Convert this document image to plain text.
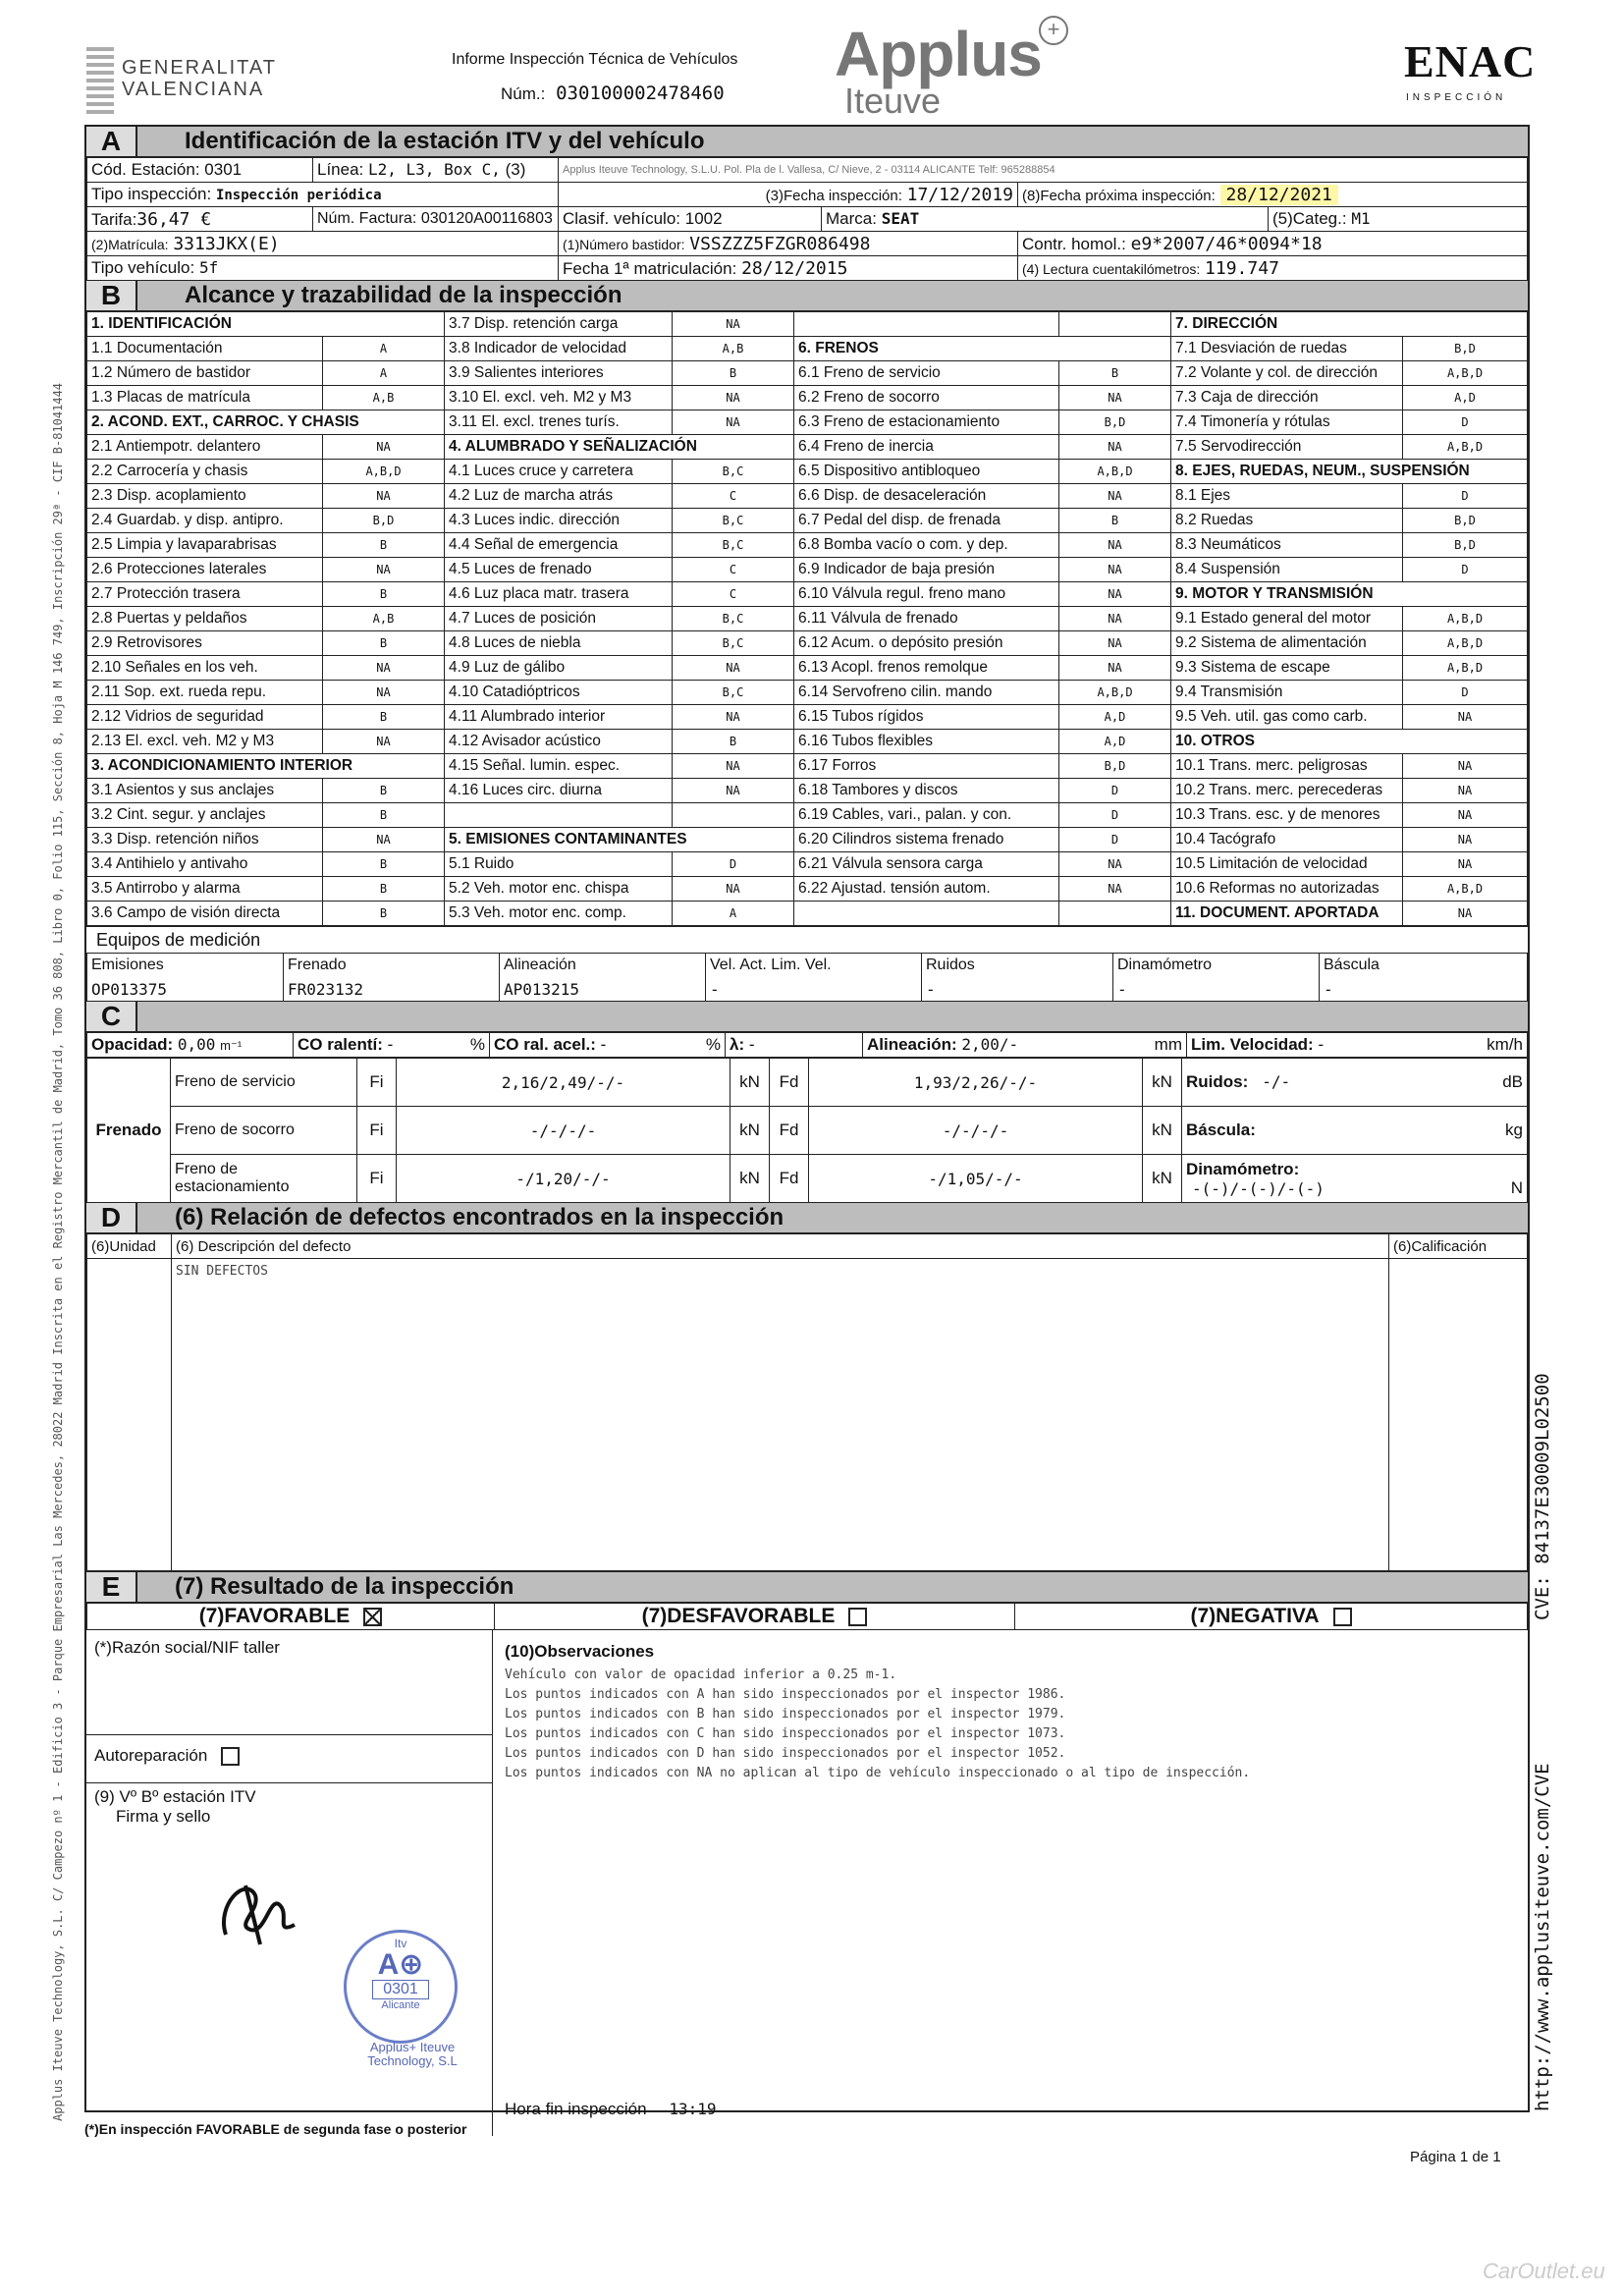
GENERALITAT VALENCIANA
Informe Inspección Técnica de Vehículos
Núm.: 030100002478460
Applus +
Iteuve
ENAC
INSPECCIÓN
A	Identificación de la estación ITV y del vehículo
Cód. Estación: 0301	Línea: L2, L3, Box C, (3)	Applus Iteuve Technology, S.L.U. Pol. Pla de l. Vallesa, C/ Nieve, 2 - 03114 ALICANTE Telf: 965288854			
Tipo inspección: Inspección periódica		(3)Fecha inspección: 17/12/2019		(8)Fecha próxima inspección: 28/12/2021	
Tarifa:36,47 €	Núm. Factura: 030120A00116803	Clasif. vehículo: 1002	Marca: SEAT		(5)Categ.: M1
(2)Matrícula: 3313JKX(E)		(1)Número bastidor: VSSZZZ5FZGR086498		Contr. homol.: e9*2007/46*0094*18	
Tipo vehículo: 5f		Fecha 1ª matriculación: 28/12/2015		(4) Lectura cuentakilómetros: 119.747	
B	Alcance y trazabilidad de la inspección
1. IDENTIFICACIÓN		3.7 Disp. retención carga	NA			7. DIRECCIÓN	
1.1 Documentación	A	3.8 Indicador de velocidad	A,B	6. FRENOS		7.1 Desviación de ruedas	B,D
1.2 Número de bastidor	A	3.9 Salientes interiores	B	6.1 Freno de servicio	B	7.2 Volante y col. de dirección	A,B,D
1.3 Placas de matrícula	A,B	3.10 El. excl. veh. M2 y M3	NA	6.2 Freno de socorro	NA	7.3 Caja de dirección	A,D
2. ACOND. EXT., CARROC. Y CHASIS		3.11 El. excl. trenes turís.	NA	6.3 Freno de estacionamiento	B,D	7.4 Timonería y rótulas	D
2.1 Antiempotr. delantero	NA	4. ALUMBRADO Y SEÑALIZACIÓN		6.4 Freno de inercia	NA	7.5 Servodirección	A,B,D
2.2 Carrocería y chasis	A,B,D	4.1 Luces cruce y carretera	B,C	6.5 Dispositivo antibloqueo	A,B,D	8. EJES, RUEDAS, NEUM., SUSPENSIÓN	
2.3 Disp. acoplamiento	NA	4.2 Luz de marcha atrás	C	6.6 Disp. de desaceleración	NA	8.1 Ejes	D
2.4 Guardab. y disp. antipro.	B,D	4.3 Luces indic. dirección	B,C	6.7 Pedal del disp. de frenada	B	8.2 Ruedas	B,D
2.5 Limpia y lavaparabrisas	B	4.4 Señal de emergencia	B,C	6.8 Bomba vacío o com. y dep.	NA	8.3 Neumáticos	B,D
2.6 Protecciones laterales	NA	4.5 Luces de frenado	C	6.9 Indicador de baja presión	NA	8.4 Suspensión	D
2.7 Protección trasera	B	4.6 Luz placa matr. trasera	C	6.10 Válvula regul. freno mano	NA	9. MOTOR Y TRANSMISIÓN	
2.8 Puertas y peldaños	A,B	4.7 Luces de posición	B,C	6.11 Válvula de frenado	NA	9.1 Estado general del motor	A,B,D
2.9 Retrovisores	B	4.8 Luces de niebla	B,C	6.12 Acum. o depósito presión	NA	9.2 Sistema de alimentación	A,B,D
2.10 Señales en los veh.	NA	4.9 Luz de gálibo	NA	6.13 Acopl. frenos remolque	NA	9.3 Sistema de escape	A,B,D
2.11 Sop. ext. rueda repu.	NA	4.10 Catadióptricos	B,C	6.14 Servofreno cilin. mando	A,B,D	9.4 Transmisión	D
2.12 Vidrios de seguridad	B	4.11 Alumbrado interior	NA	6.15 Tubos rígidos	A,D	9.5 Veh. util. gas como carb.	NA
2.13 El. excl. veh. M2 y M3	NA	4.12 Avisador acústico	B	6.16 Tubos flexibles	A,D	10. OTROS	
3. ACONDICIONAMIENTO INTERIOR		4.15 Señal. lumin. espec.	NA	6.17 Forros	B,D	10.1 Trans. merc. peligrosas	NA
3.1 Asientos y sus anclajes	B	4.16 Luces circ. diurna	NA	6.18 Tambores y discos	D	10.2 Trans. merc. perecederas	NA
3.2 Cint. segur. y anclajes	B			6.19 Cables, vari., palan. y con.	D	10.3 Trans. esc. y de menores	NA
3.3 Disp. retención niños	NA	5. EMISIONES CONTAMINANTES		6.20 Cilindros sistema frenado	D	10.4 Tacógrafo	NA
3.4 Antihielo y antivaho	B	5.1 Ruido	D	6.21 Válvula sensora carga	NA	10.5 Limitación de velocidad	NA
3.5 Antirrobo y alarma	B	5.2 Veh. motor enc. chispa	NA	6.22 Ajustad. tensión autom.	NA	10.6 Reformas no autorizadas	A,B,D
3.6 Campo de visión directa	B	5.3 Veh. motor enc. comp.	A			11. DOCUMENT. APORTADA	NA
Equipos de medición
Emisiones	Frenado	Alineación	Vel. Act. Lim. Vel.	Ruidos	Dinamómetro	Báscula
OP013375	FR023132	AP013215	-	-	-	-
C
Opacidad: 0,00 m⁻¹	CO ralentí: -	%	CO ral. acel.: -	%	λ: -	Alineación: 2,00/-	mm	Lim. Velocidad: -	km/h
Frenado	Freno de servicio	Fi	2,16/2,49/-/-	kN	Fd	1,93/2,26/-/-	kN	Ruidos: -/- dB

	Freno de socorro	Fi	-/-/-/-	kN	Fd	-/-/-/-	kN	Báscula: kg

	Freno de estacionamiento	Fi	-/1,20/-/-	kN	Fd	-/1,05/-/-	kN	Dinamómetro:
-(-)/-(-)/-(-) N
D	(6) Relación de defectos encontrados en la inspección
(6)Unidad	(6) Descripción del defecto	(6)Calificación
	SIN DEFECTOS	
E	(7) Resultado de la inspección
(7)FAVORABLE	(7)DESFAVORABLE	(7)NEGATIVA
(*)Razón social/NIF taller
Autoreparación
(9) Vº Bº estación ITV
Firma y sello
(10)Observaciones
Vehículo con valor de opacidad inferior a 0.25 m-1.
Los puntos indicados con A han sido inspeccionados por el inspector 1986.
Los puntos indicados con B han sido inspeccionados por el inspector 1979.
Los puntos indicados con C han sido inspeccionados por el inspector 1073.
Los puntos indicados con D han sido inspeccionados por el inspector 1052.
Los puntos indicados con NA no aplican al tipo de vehículo inspeccionado o al tipo de inspección.
Hora fin inspección 13:19
Itv
A⊕
0301
Alicante
Applus+ Iteuve Technology, S.L
Applus Iteuve Technology, S.L. C/ Campezo nº 1 - Edificio 3 - Parque Empresarial Las Mercedes, 28022 Madrid Inscrita en el Registro Mercantil de Madrid, Tomo 36 808, Libro 0, Folio 115, Sección 8, Hoja M 146 749, Inscripción 29ª - CIF B-81041444	http://www.applusiteuve.com/CVE
CVE: 84137E30009L02500
(*)En inspección FAVORABLE de segunda fase o posterior
Página 1 de 1
CarOutlet.eu
